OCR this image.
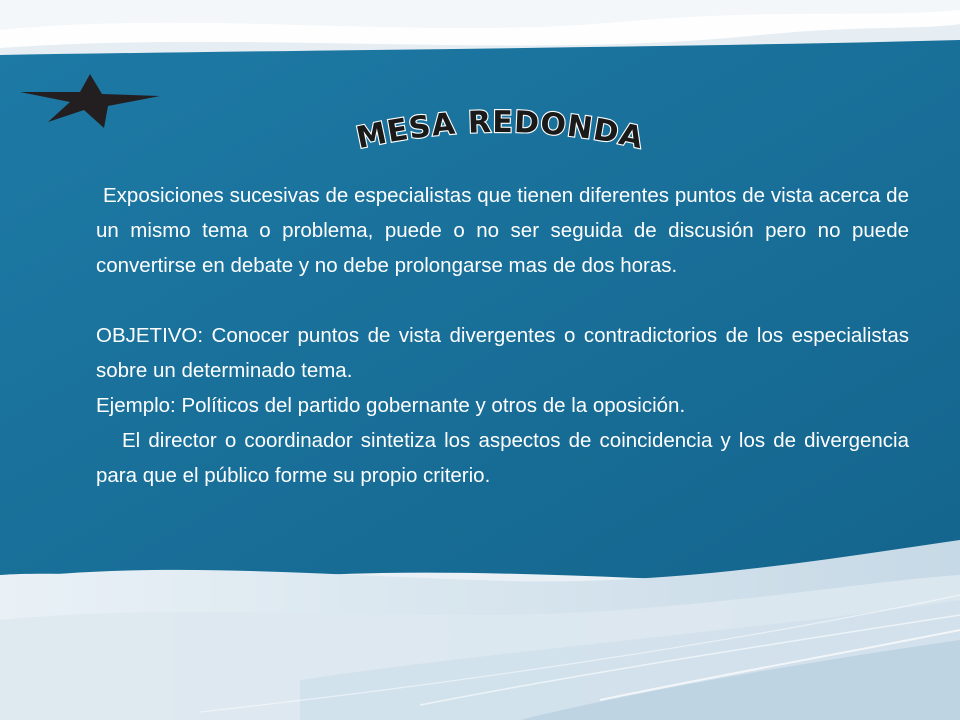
MESA REDONDA

Exposiciones sucesivas de especialistas que tienen diferentes puntos de vista acerca de un mismo tema o problema, puede o no ser seguida de discusión pero no puede convertirse en debate y no debe prolongarse mas de dos horas.

OBJETIVO: Conocer puntos de vista divergentes o contradictorios de los especialistas sobre un determinado tema.

Ejemplo: Políticos del partido gobernante y otros de la oposición.

El director o coordinador sintetiza los aspectos de coincidencia y los de divergencia para que el público forme su propio criterio.
